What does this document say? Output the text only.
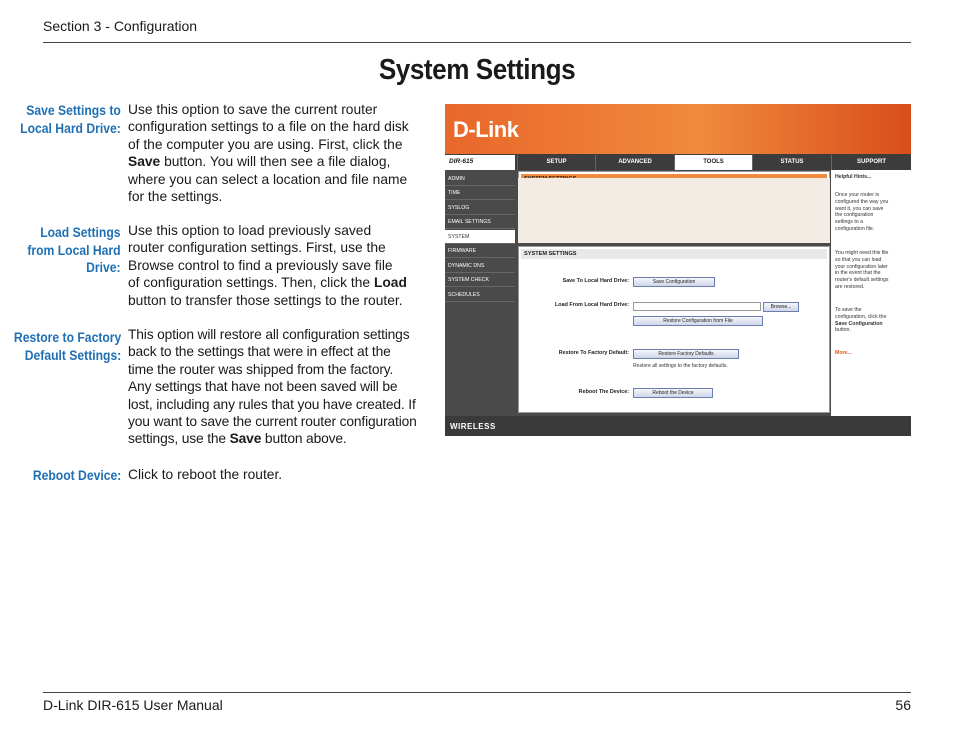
Section 3 - Configuration
System Settings
Save Settings to
Local Hard Drive:
Use this option to save the current router
configuration settings to a file on the hard disk
of the computer you are using. First, click the
Save button. You will then see a file dialog,
where you can select a location and file name
for the settings.
Load Settings
from Local Hard
Drive:
Use this option to load previously saved
router configuration settings. First, use the
Browse control to find a previously save file
of configuration settings. Then, click the Load
button to transfer those settings to the router.
Restore to Factory
Default Settings:
This option will restore all configuration settings
back to the settings that were in effect at the
time the router was shipped from the factory.
Any settings that have not been saved will be
lost, including any rules that you have created. If
you want to save the current router configuration
settings, use the Save button above.
Reboot Device: Click to reboot the router.
D-Link
DIR-615	SETUP	ADVANCED	TOOLS	STATUS	SUPPORT
ADMIN
TIME
SYSLOG
EMAIL SETTINGS
SYSTEM
FIRMWARE
DYNAMIC DNS
SYSTEM CHECK
SCHEDULES
SYSTEM SETTINGS
Save To Local Hard Drive:	Save Configuration
Load From Local Hard Drive:	Browse...
Restore Configuration from File
Restore To Factory Default:	Restore Factory Defaults
Restore all settings to the factory defaults.
Reboot The Device:	Reboot the Device
Helpful Hints...
Once your router is
configured the way you
want it, you can save
the configuration
settings to a
configuration file.
You might need this file
so that you can load
your configuration later
in the event that the
router's default settings
are restored.
To save the
configuration, click the
Save Configuration
button.
More...
WIRELESS
D-Link DIR-615 User Manual	56
